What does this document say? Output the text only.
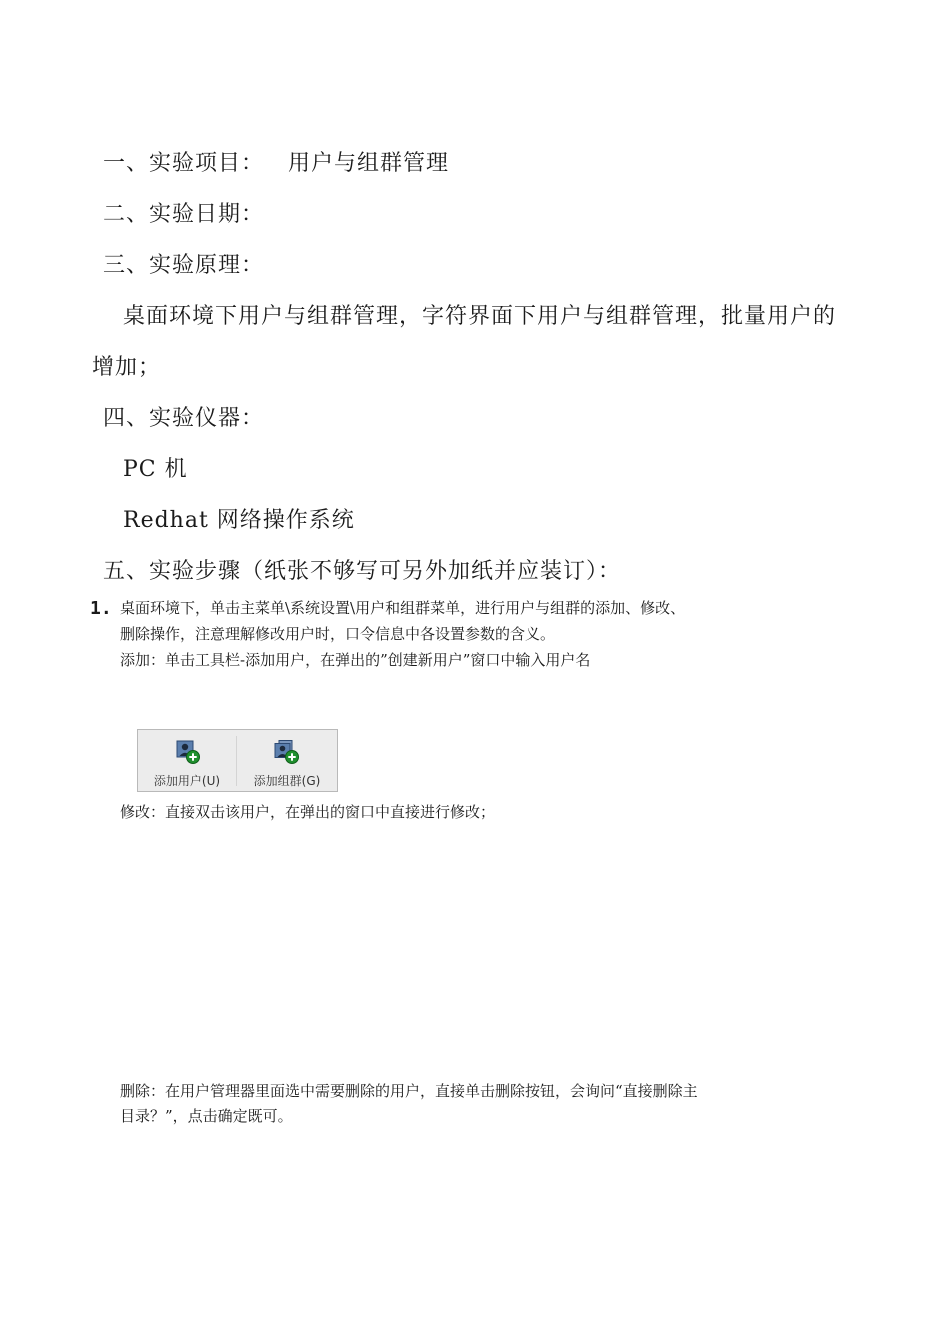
一、实验项目： 用户与组群管理
二、实验日期：
三、实验原理：
桌面环境下用户与组群管理，字符界面下用户与组群管理，批量用户的
增加；
四、实验仪器：
PC 机
Redhat 网络操作系统
五、实验步骤（纸张不够写可另外加纸并应装订）：
1. 桌面环境下，单击主菜单\系统设置\用户和组群菜单，进行用户与组群的添加、修改、
删除操作，注意理解修改用户时，口令信息中各设置参数的含义。
添加：单击工具栏-添加用户，在弹出的”创建新用户”窗口中输入用户名
添加用户(U)	添加组群(G)
修改：直接双击该用户，在弹出的窗口中直接进行修改；
删除：在用户管理器里面选中需要删除的用户，直接单击删除按钮，会询问“直接删除主
目录？”，点击确定既可。
